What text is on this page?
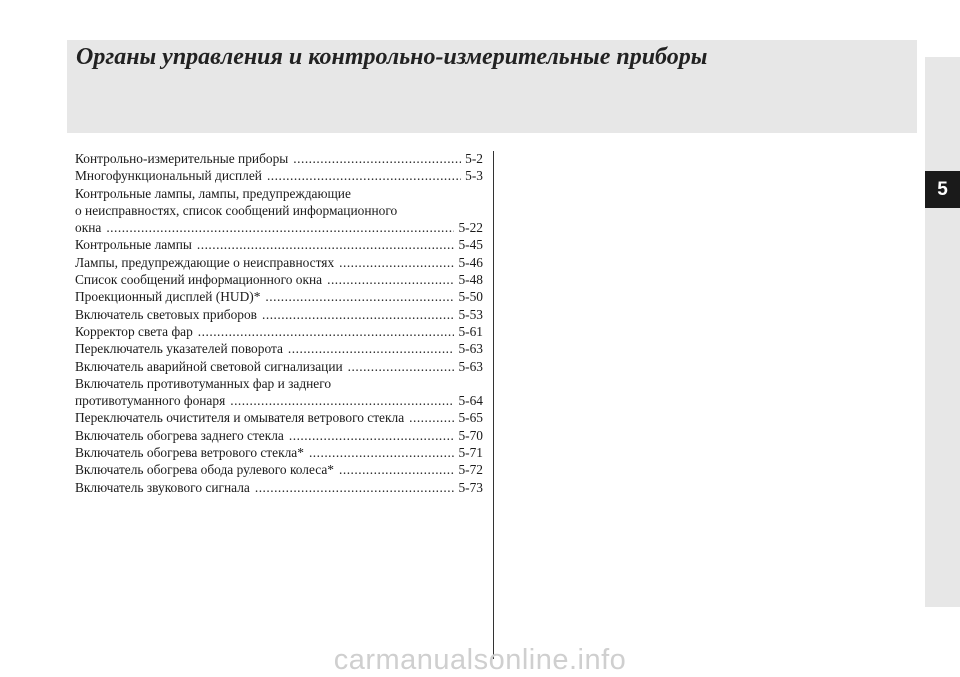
Органы управления и контрольно-измерительные приборы
5
Контрольно-измерительные приборы .....	5-2
Многофункциональный дисплей .....	5-3
Контрольные лампы, лампы, предупреждающие
о неисправностях, список сообщений информационного
окна .....	5-22
Контрольные лампы .....	5-45
Лампы, предупреждающие о неисправностях .....	5-46
Список сообщений информационного окна .....	5-48
Проекционный дисплей (HUD)* .....	5-50
Включатель световых приборов .....	5-53
Корректор света фар .....	5-61
Переключатель указателей поворота .....	5-63
Включатель аварийной световой сигнализации .....	5-63
Включатель противотуманных фар и заднего
противотуманного фонаря .....	5-64
Переключатель очистителя и омывателя ветрового стекла .....	5-65
Включатель обогрева заднего стекла .....	5-70
Включатель обогрева ветрового стекла* .....	5-71
Включатель обогрева обода рулевого колеса* .....	5-72
Включатель звукового сигнала .....	5-73

carmanualsonline.info
